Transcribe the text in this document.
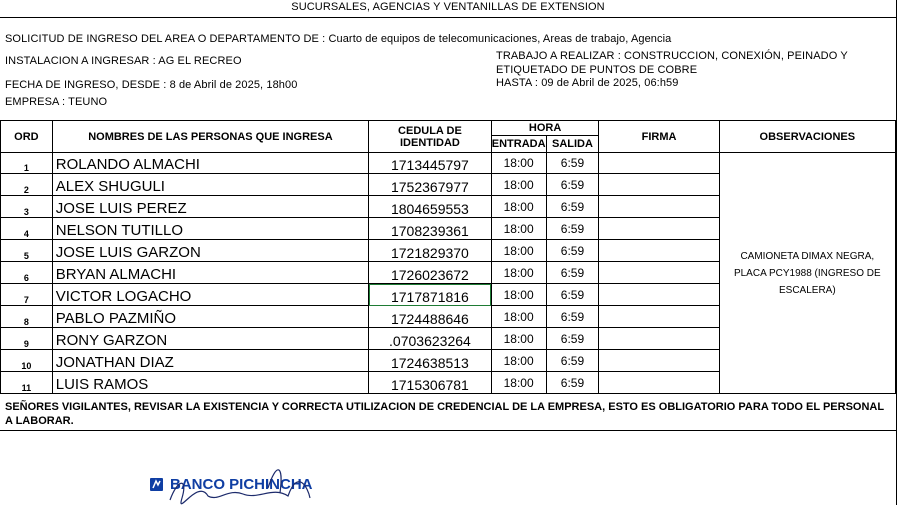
SUCURSALES, AGENCIAS Y VENTANILLAS DE EXTENSION
SOLICITUD DE INGRESO DEL AREA O DEPARTAMENTO DE : Cuarto de equipos de telecomunicaciones, Areas de trabajo, Agencia
INSTALACION A INGRESAR : AG EL RECREO
FECHA DE INGRESO, DESDE : 8 de Abril de 2025, 18h00
EMPRESA : TEUNO
TRABAJO A REALIZAR : CONSTRUCCION, CONEXIÓN, PEINADO Y
ETIQUETADO DE PUNTOS DE COBRE
HASTA : 09 de Abril de 2025, 06:h59
ORD	NOMBRES DE LAS PERSONAS QUE INGRESA	CEDULA DE
IDENTIDAD	HORA		FIRMA	OBSERVACIONES
			ENTRADA	SALIDA		
1	ROLANDO ALMACHI	1713445797	18:00	6:59		CAMIONETA DIMAX NEGRA, PLACA PCY1988 (INGRESO DE ESCALERA)
2	ALEX SHUGULI	1752367977	18:00	6:59		
3	JOSE LUIS PEREZ	1804659553	18:00	6:59		
4	NELSON TUTILLO	1708239361	18:00	6:59		
5	JOSE LUIS GARZON	1721829370	18:00	6:59		
6	BRYAN ALMACHI	1726023672	18:00	6:59		
7	VICTOR LOGACHO	1717871816	18:00	6:59		
8	PABLO PAZMIÑO	1724488646	18:00	6:59		
9	RONY GARZON	.0703623264	18:00	6:59		
10	JONATHAN DIAZ	1724638513	18:00	6:59		
11	LUIS RAMOS	1715306781	18:00	6:59		
SEÑORES VIGILANTES, REVISAR LA EXISTENCIA Y CORRECTA UTILIZACION DE CREDENCIAL DE LA EMPRESA, ESTO ES OBLIGATORIO PARA TODO EL PERSONAL A LABORAR.
BANCO PICHINCHA
